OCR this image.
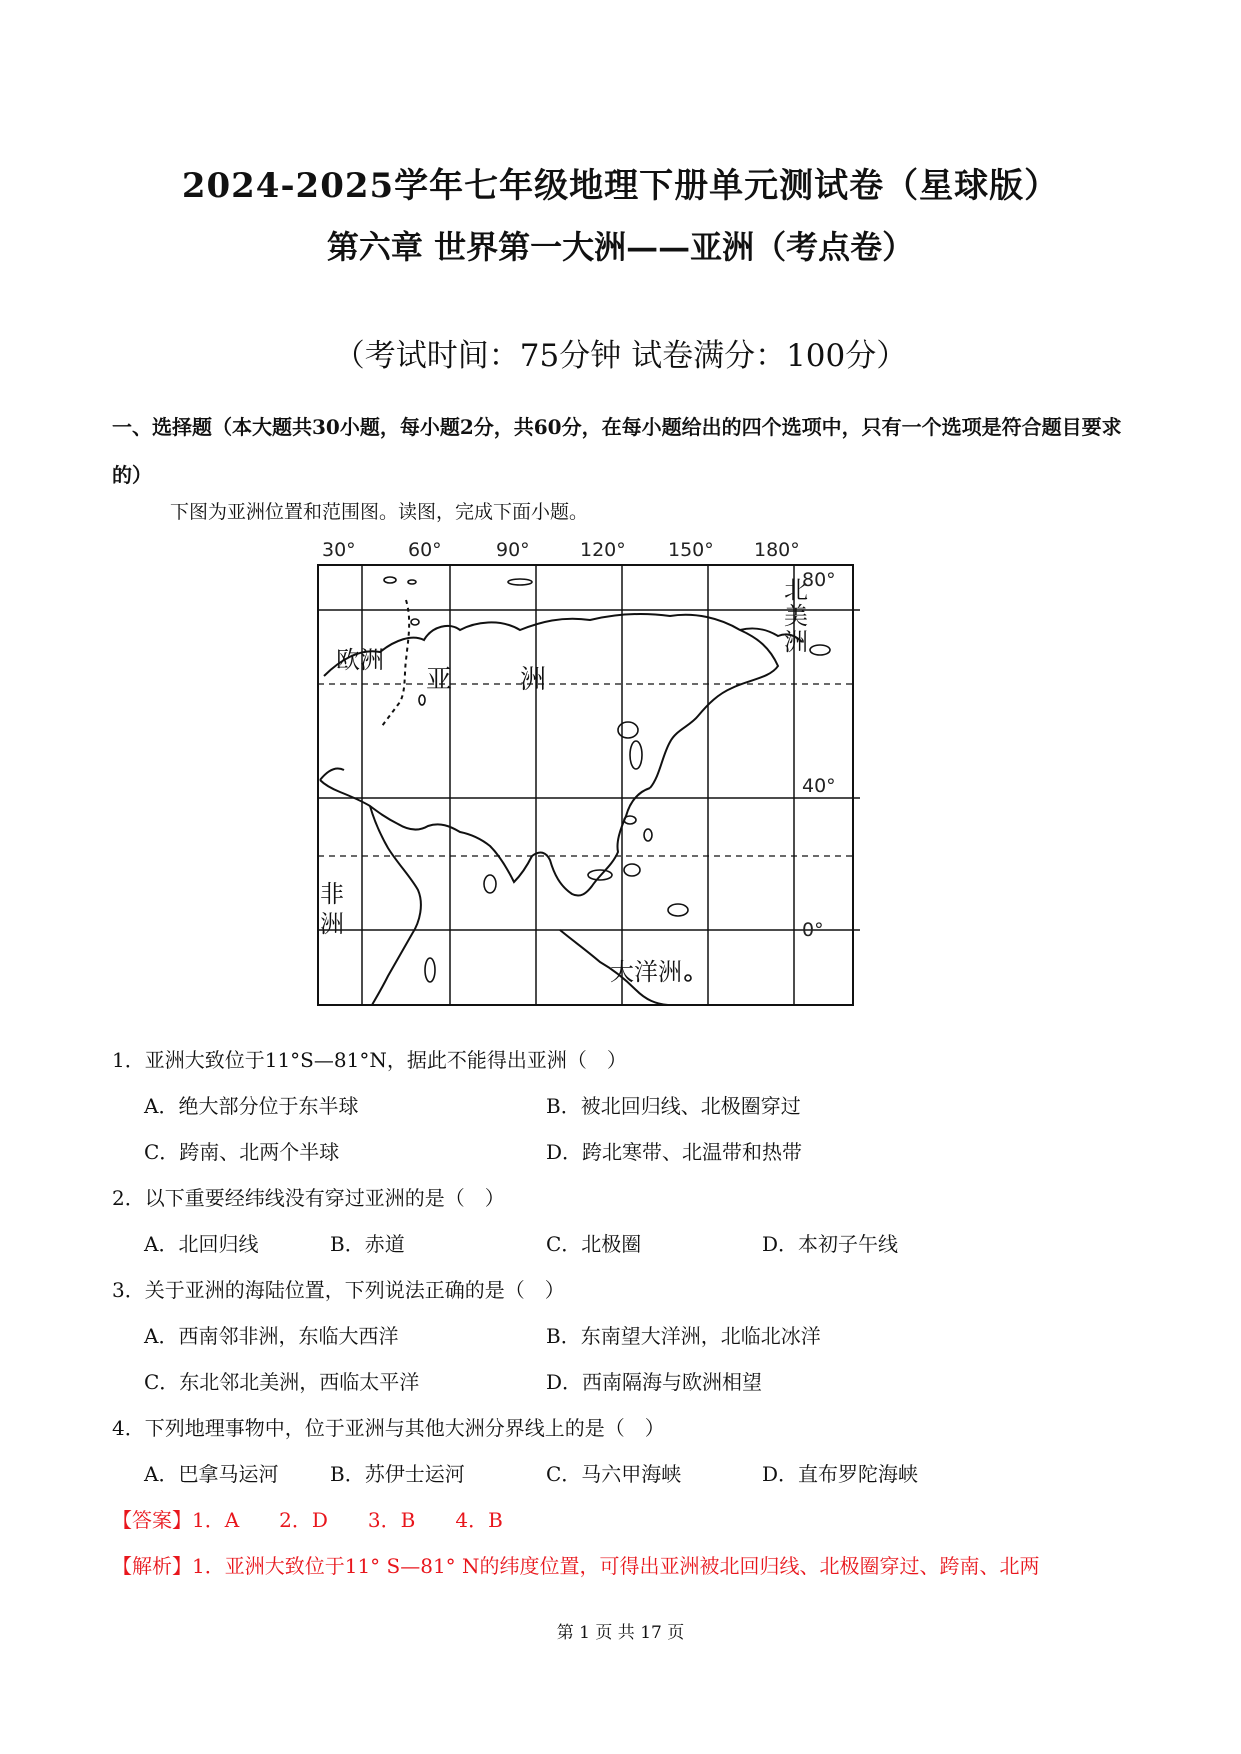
2024-2025学年七年级地理下册单元测试卷（星球版）
第六章 世界第一大洲——亚洲（考点卷）
（考试时间：75分钟 试卷满分：100分）
一、选择题（本大题共30小题，每小题2分，共60分，在每小题给出的四个选项中，只有一个选项是符合题目要求的）
下图为亚洲位置和范围图。读图，完成下面小题。
30°	60°	90°	120° 150° 180°
欧洲
亚	洲
北
美
洲
非
洲
大洋洲
80°
40°
0°
1．亚洲大致位于11°S—81°N，据此不能得出亚洲（　）
A．绝大部分位于东半球	B．被北回归线、北极圈穿过
C．跨南、北两个半球	D．跨北寒带、北温带和热带
2．以下重要经纬线没有穿过亚洲的是（　）
A．北回归线	B．赤道	C．北极圈	D．本初子午线
3．关于亚洲的海陆位置，下列说法正确的是（　）
A．西南邻非洲，东临大西洋	B．东南望大洋洲，北临北冰洋
C．东北邻北美洲，西临太平洋	D．西南隔海与欧洲相望
4．下列地理事物中，位于亚洲与其他大洲分界线上的是（　）
A．巴拿马运河	B．苏伊士运河	C．马六甲海峡	D．直布罗陀海峡
【答案】1．A　　2．D　　3．B　　4．B
【解析】1．亚洲大致位于11° S—81° N的纬度位置，可得出亚洲被北回归线、北极圈穿过、跨南、北两
第 1 页 共 17 页
